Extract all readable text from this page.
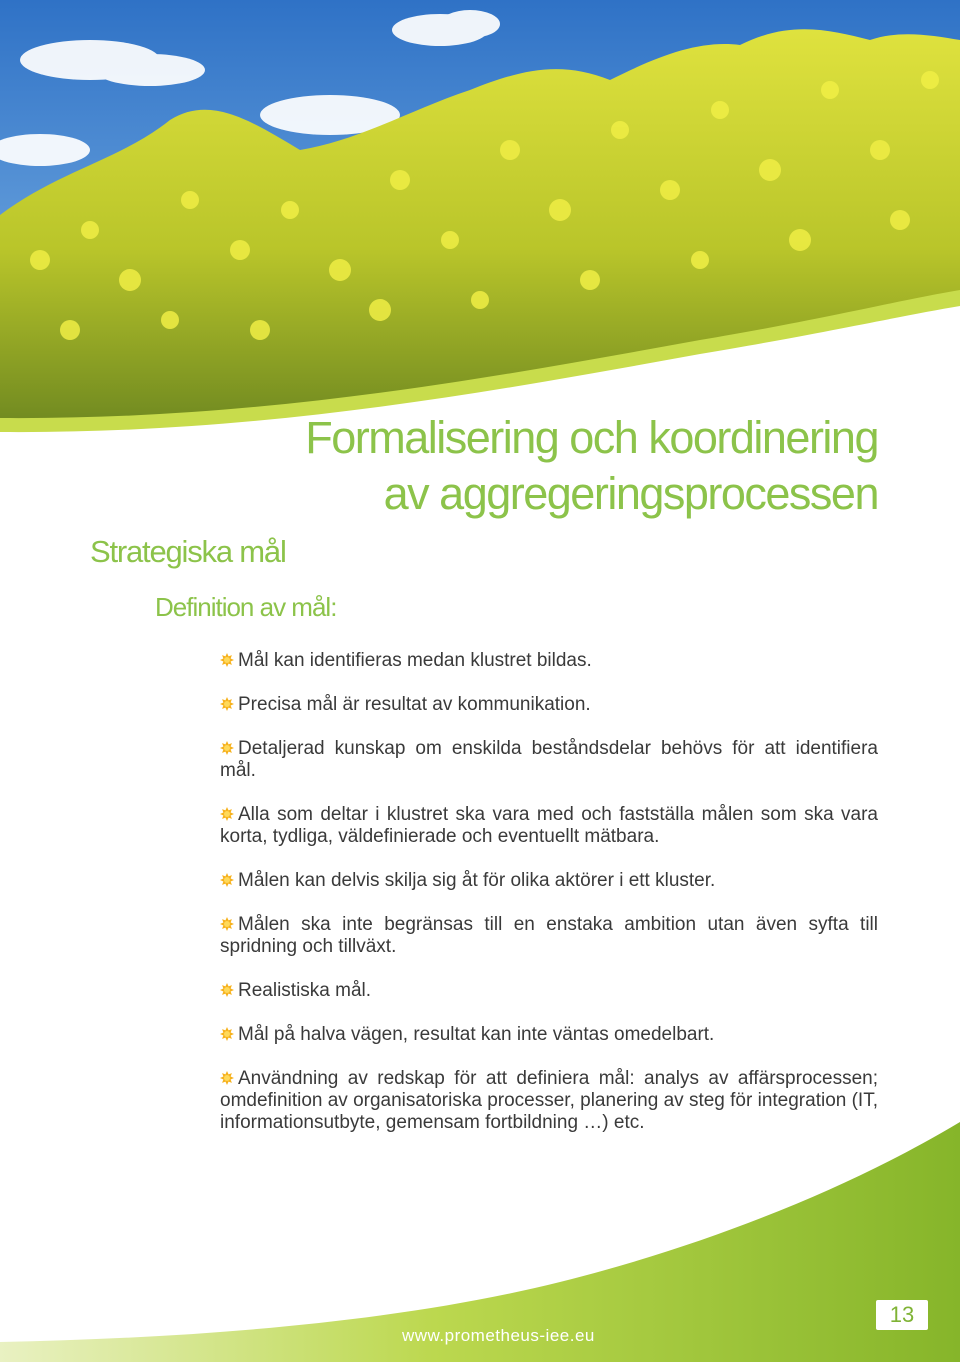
Formalisering och koordinering
av aggregeringsprocessen
Strategiska mål
Definition av mål:
Mål kan identifieras medan klustret bildas.
Precisa mål är resultat av kommunikation.
Detaljerad kunskap om enskilda beståndsdelar behövs för att identifiera mål.
Alla som deltar i klustret ska vara med och fastställa målen som ska vara korta, tydliga, väldefinierade och eventuellt mätbara.
Målen kan delvis skilja sig åt för olika aktörer i ett kluster.
Målen ska inte begränsas till en enstaka ambition utan även syfta till spridning och tillväxt.
Realistiska mål.
Mål på halva vägen, resultat kan inte väntas omedelbart.
Användning av redskap för att definiera mål: analys av affärsprocessen; omdefinition av organisatoriska processer, planering av steg för integration (IT, informationsutbyte, gemensam fortbildning …) etc.
www.prometheus-iee.eu
13
